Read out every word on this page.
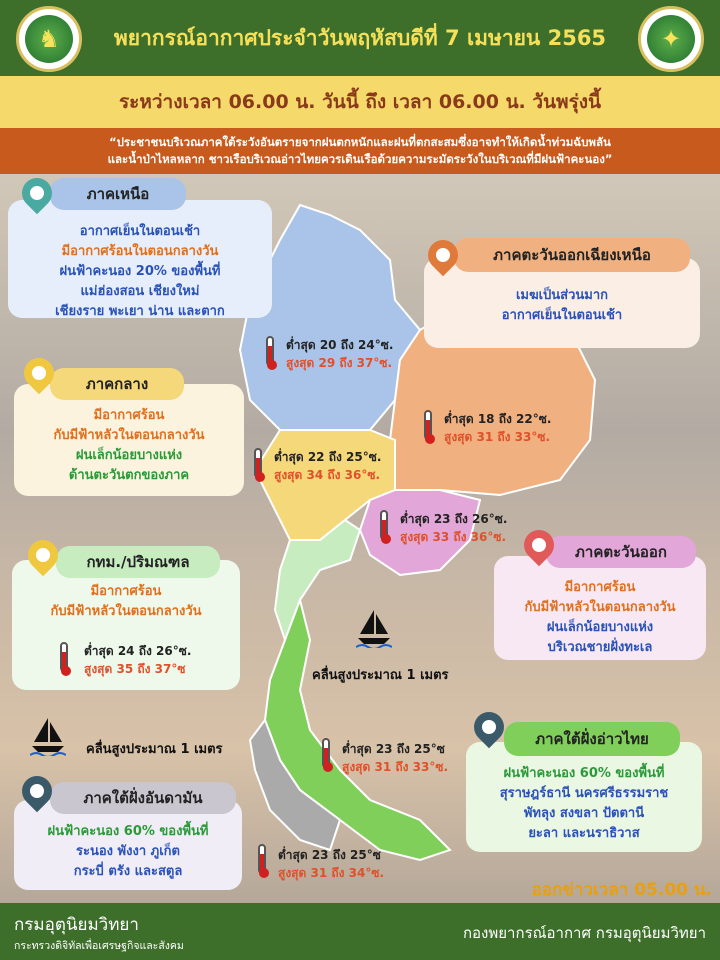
♞	พยากรณ์อากาศประจำวันพฤหัสบดีที่ 7 เมษายน 2565	✦
ระหว่างเวลา 06.00 น. วันนี้ ถึง เวลา 06.00 น. วันพรุ่งนี้
“ประชาชนบริเวณภาคใต้ระวังอันตรายจากฝนตกหนักและฝนที่ตกสะสมซึ่งอาจทำให้เกิดน้ำท่วมฉับพลัน
และน้ำป่าไหลหลาก ชาวเรือบริเวณอ่าวไทยควรเดินเรือด้วยความระมัดระวังในบริเวณที่มีฝนฟ้าคะนอง”
อากาศเย็นในตอนเช้า
มีอากาศร้อนในตอนกลางวัน
ฝนฟ้าคะนอง 20% ของพื้นที่
แม่ฮ่องสอน เชียงใหม่
เชียงราย พะเยา น่าน และตาก
ภาคเหนือ
เมฆเป็นส่วนมาก
อากาศเย็นในตอนเช้า
ภาคตะวันออกเฉียงเหนือ
มีอากาศร้อน
กับมีฟ้าหลัวในตอนกลางวัน
ฝนเล็กน้อยบางแห่ง
ด้านตะวันตกของภาค
ภาคกลาง
มีอากาศร้อน
กับมีฟ้าหลัวในตอนกลางวัน
ฝนเล็กน้อยบางแห่ง
บริเวณชายฝั่งทะเล
ภาคตะวันออก
มีอากาศร้อน
กับมีฟ้าหลัวในตอนกลางวัน
กทม./ปริมณฑล
ฝนฟ้าคะนอง 60% ของพื้นที่
สุราษฎร์ธานี นครศรีธรรมราช
พัทลุง สงขลา ปัตตานี
ยะลา และนราธิวาส
ภาคใต้ฝั่งอ่าวไทย
ฝนฟ้าคะนอง 60% ของพื้นที่
ระนอง พังงา ภูเก็ต
กระบี่ ตรัง และสตูล
ภาคใต้ฝั่งอันดามัน
ต่ำสุด 20 ถึง 24°ซ.
สูงสุด 29 ถึง 37°ซ.
ต่ำสุด 18 ถึง 22°ซ.
สูงสุด 31 ถึง 33°ซ.
ต่ำสุด 22 ถึง 25°ซ.
สูงสุด 34 ถึง 36°ซ.
ต่ำสุด 23 ถึง 26°ซ.
สูงสุด 33 ถึง 36°ซ.
ต่ำสุด 24 ถึง 26°ซ.
สูงสุด 35 ถึง 37°ซ
ต่ำสุด 23 ถึง 25°ซ
สูงสุด 31 ถึง 33°ซ.
ต่ำสุด 23 ถึง 25°ซ
สูงสุด 31 ถึง 34°ซ.
คลื่นสูงประมาณ 1 เมตร
คลื่นสูงประมาณ 1 เมตร
ออกข่าวเวลา 05.00 น.
กรมอุตุนิยมวิทยา
กระทรวงดิจิทัลเพื่อเศรษฐกิจและสังคม
กองพยากรณ์อากาศ กรมอุตุนิยมวิทยา
